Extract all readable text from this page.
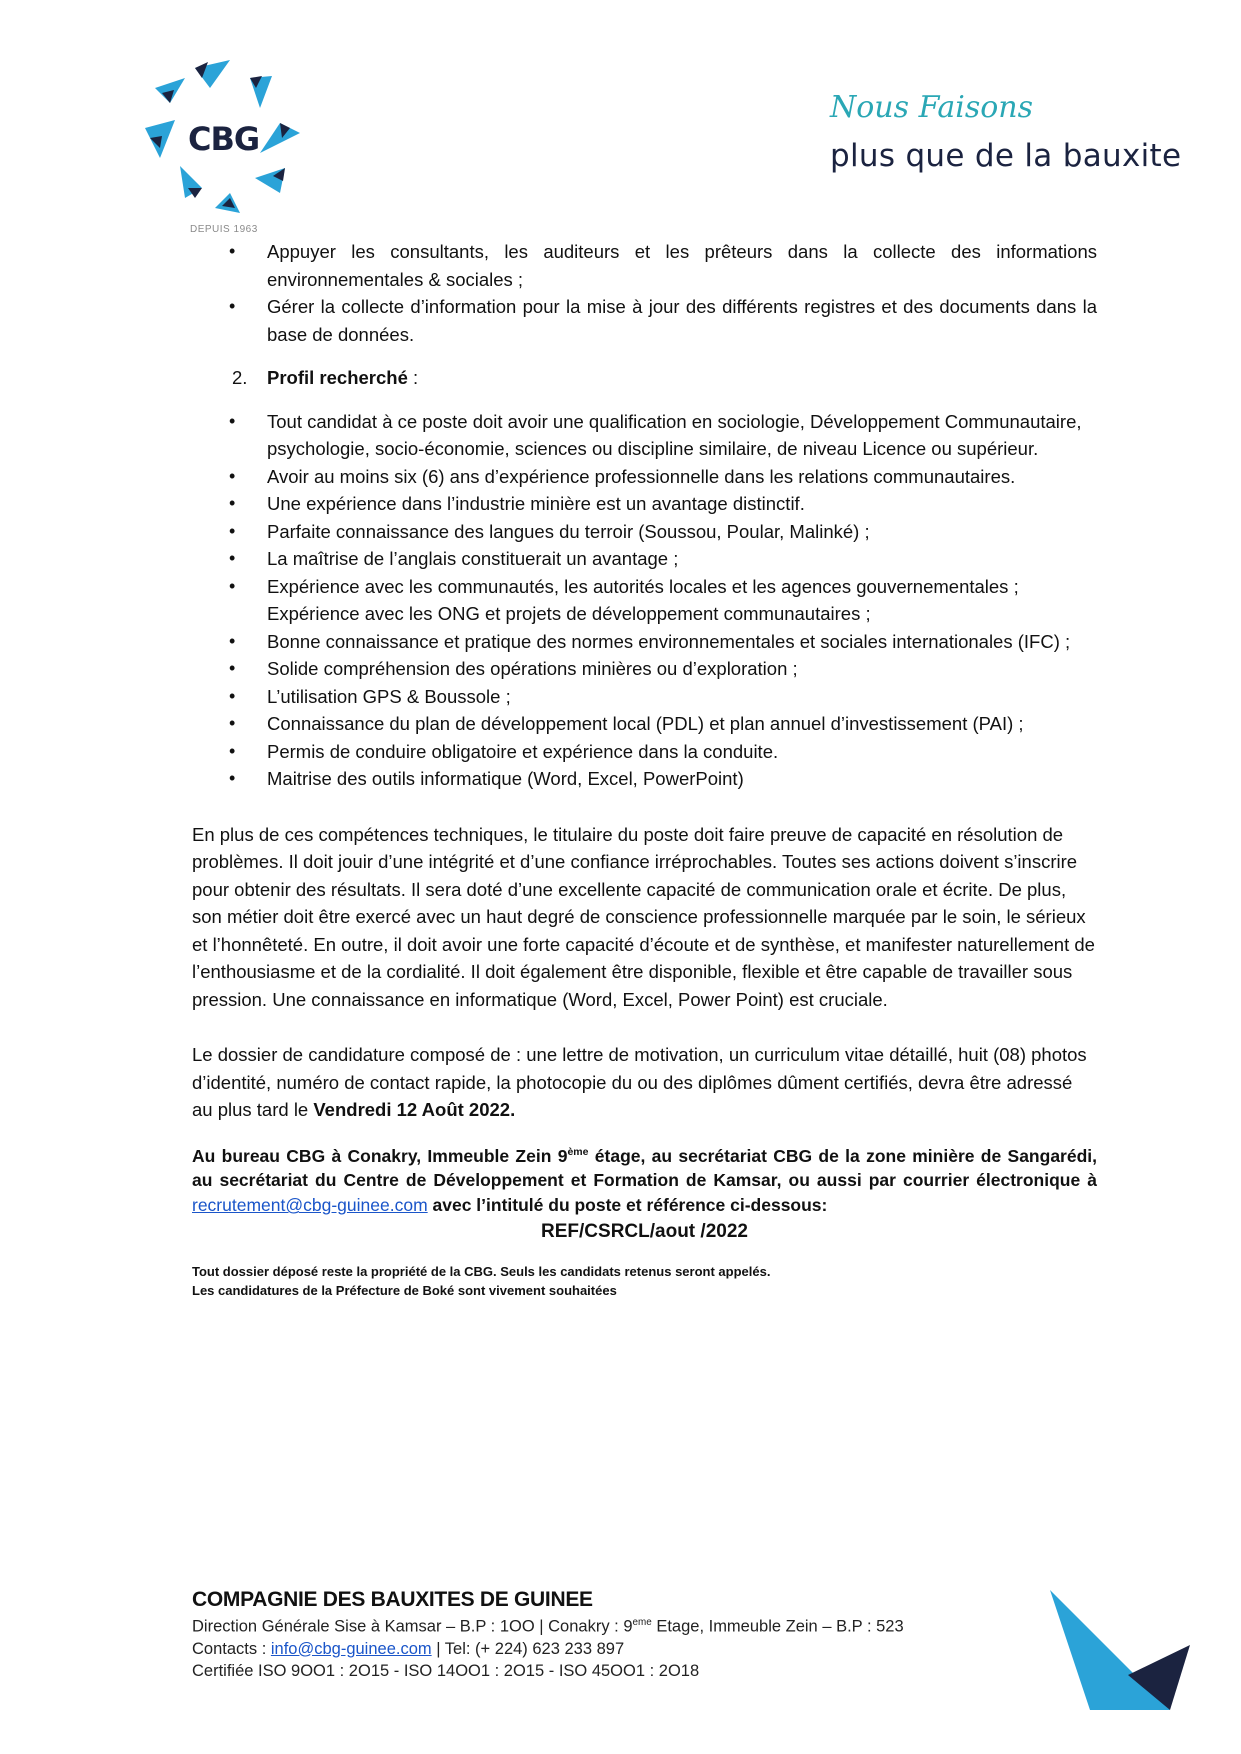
CBG
DEPUIS 1963
Nous Faisons
plus que de la bauxite
• Appuyer les consultants, les auditeurs et les prêteurs dans la collecte des informations environnementales & sociales ;
• Gérer la collecte d’information pour la mise à jour des différents registres et des documents dans la base de données.
2. Profil recherché :
• Tout candidat à ce poste doit avoir une qualification en sociologie, Développement Communautaire, psychologie, socio-économie, sciences ou discipline similaire, de niveau Licence ou supérieur.
• Avoir au moins six (6) ans d’expérience professionnelle dans les relations communautaires.
• Une expérience dans l’industrie minière est un avantage distinctif.
• Parfaite connaissance des langues du terroir (Soussou, Poular, Malinké) ;
• La maîtrise de l’anglais constituerait un avantage ;
• Expérience avec les communautés, les autorités locales et les agences gouvernementales ; Expérience avec les ONG et projets de développement communautaires ;
• Bonne connaissance et pratique des normes environnementales et sociales internationales (IFC) ;
• Solide compréhension des opérations minières ou d’exploration ;
• L’utilisation GPS & Boussole ;
• Connaissance du plan de développement local (PDL) et plan annuel d’investissement (PAI) ;
• Permis de conduire obligatoire et expérience dans la conduite.
• Maitrise des outils informatique (Word, Excel, PowerPoint)

En plus de ces compétences techniques, le titulaire du poste doit faire preuve de capacité en résolution de problèmes. Il doit jouir d’une intégrité et d’une confiance irréprochables. Toutes ses actions doivent s’inscrire pour obtenir des résultats. Il sera doté d’une excellente capacité de communication orale et écrite. De plus, son métier doit être exercé avec un haut degré de conscience professionnelle marquée par le soin, le sérieux et l’honnêteté. En outre, il doit avoir une forte capacité d’écoute et de synthèse, et manifester naturellement de l’enthousiasme et de la cordialité. Il doit également être disponible, flexible et être capable de travailler sous pression. Une connaissance en informatique (Word, Excel, Power Point) est cruciale.

Le dossier de candidature composé de : une lettre de motivation, un curriculum vitae détaillé, huit (08) photos d’identité, numéro de contact rapide, la photocopie du ou des diplômes dûment certifiés, devra être adressé au plus tard le Vendredi 12 Août 2022.

Au bureau CBG à Conakry, Immeuble Zein 9ème étage, au secrétariat CBG de la zone minière de Sangarédi, au secrétariat du Centre de Développement et Formation de Kamsar, ou aussi par courrier électronique à recrutement@cbg-guinee.com avec l’intitulé du poste et référence ci-dessous:
REF/CSRCL/aout /2022
Tout dossier déposé reste la propriété de la CBG. Seuls les candidats retenus seront appelés.
Les candidatures de la Préfecture de Boké sont vivement souhaitées
COMPAGNIE DES BAUXITES DE GUINEE
Direction Générale Sise à Kamsar – B.P : 1OO | Conakry : 9eme Etage, Immeuble Zein – B.P : 523
Contacts : info@cbg-guinee.com | Tel: (+ 224) 623 233 897
Certifiée ISO 9OO1 : 2O15 - ISO 14OO1 : 2O15 - ISO 45OO1 : 2O18
